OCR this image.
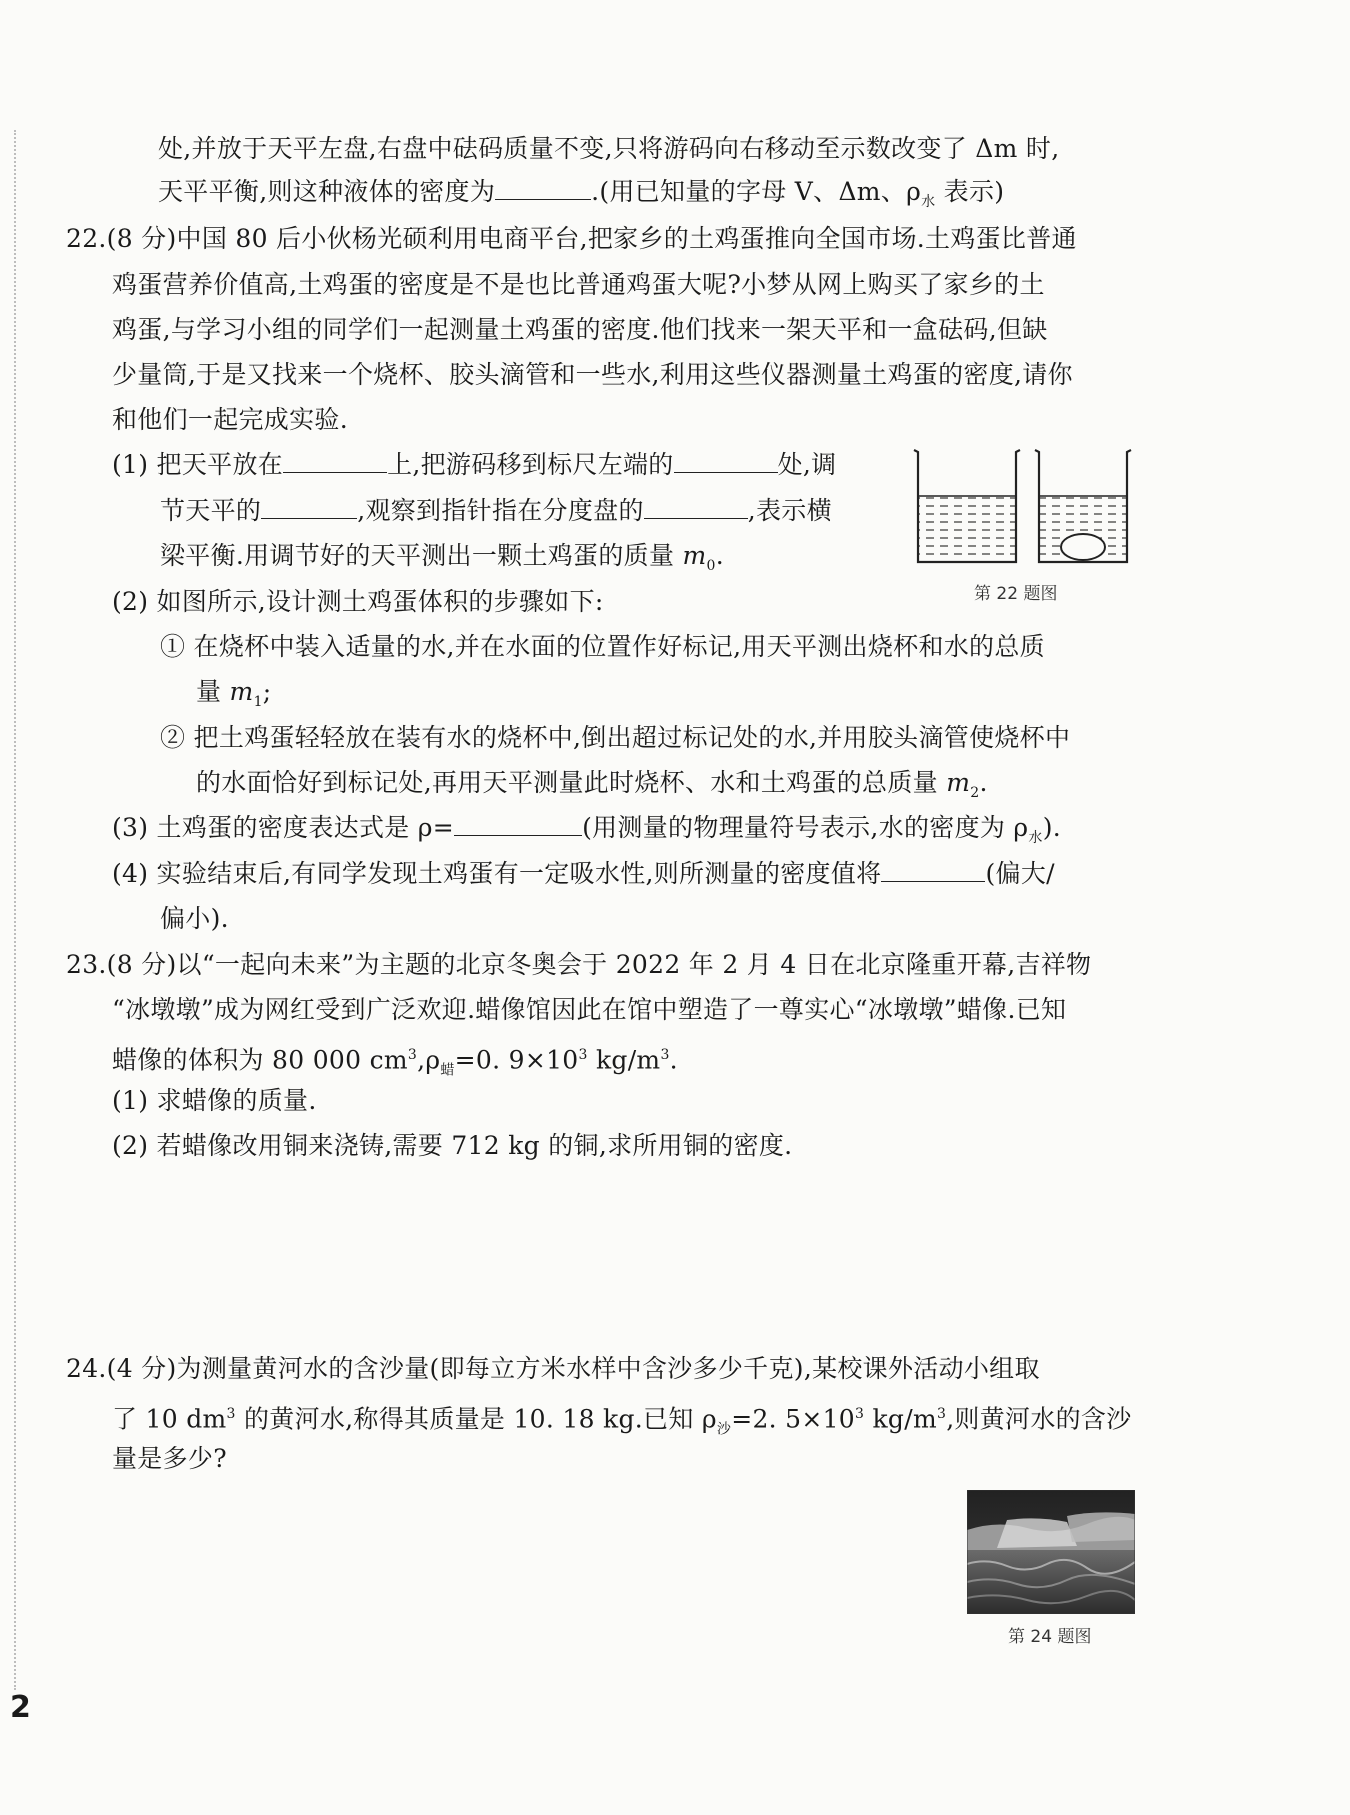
处,并放于天平左盘,右盘中砝码质量不变,只将游码向右移动至示数改变了 Δm 时,
天平平衡,则这种液体的密度为	.(用已知量的字母 V、Δm、$\rho_水$ 表示)
22.(8 分)中国 80 后小伙杨光硕利用电商平台,把家乡的土鸡蛋推向全国市场.土鸡蛋比普通
鸡蛋营养价值高,土鸡蛋的密度是不是也比普通鸡蛋大呢?小梦从网上购买了家乡的土
鸡蛋,与学习小组的同学们一起测量土鸡蛋的密度.他们找来一架天平和一盒砝码,但缺
少量筒,于是又找来一个烧杯、胶头滴管和一些水,利用这些仪器测量土鸡蛋的密度,请你
和他们一起完成实验.
(1) 把天平放在	上,把游码移到标尺左端的	处,调
节天平的	,观察到指针指在分度盘的	,表示横
梁平衡.用调节好的天平测出一颗土鸡蛋的质量 $m_0$.
第 22 题图
(2) 如图所示,设计测土鸡蛋体积的步骤如下:
① 在烧杯中装入适量的水,并在水面的位置作好标记,用天平测出烧杯和水的总质
量 $m_1$;
② 把土鸡蛋轻轻放在装有水的烧杯中,倒出超过标记处的水,并用胶头滴管使烧杯中
的水面恰好到标记处,再用天平测量此时烧杯、水和土鸡蛋的总质量 $m_2$.
(3) 土鸡蛋的密度表达式是 ρ=	(用测量的物理量符号表示,水的密度为 $\rho_水$).
(4) 实验结束后,有同学发现土鸡蛋有一定吸水性,则所测量的密度值将	(偏大/
偏小).
23.(8 分)以“一起向未来”为主题的北京冬奥会于 2022 年 2 月 4 日在北京隆重开幕,吉祥物
“冰墩墩”成为网红受到广泛欢迎.蜡像馆因此在馆中塑造了一尊实心“冰墩墩”蜡像.已知
蜡像的体积为 80 000 $cm^3,\rho_蜡=0$. $9\times 10^3$ $kg/m^3$.
(1) 求蜡像的质量.
(2) 若蜡像改用铜来浇铸,需要 712 kg 的铜,求所用铜的密度.
24.(4 分)为测量黄河水的含沙量(即每立方米水样中含沙多少千克),某校课外活动小组取
了 10 $dm^3$ 的黄河水,称得其质量是 10. 18 kg.已知 $\rho_沙=2$. $5\times 10^3$ $kg/m^3$,则黄河水的含沙
量是多少?
第 24 题图
2
